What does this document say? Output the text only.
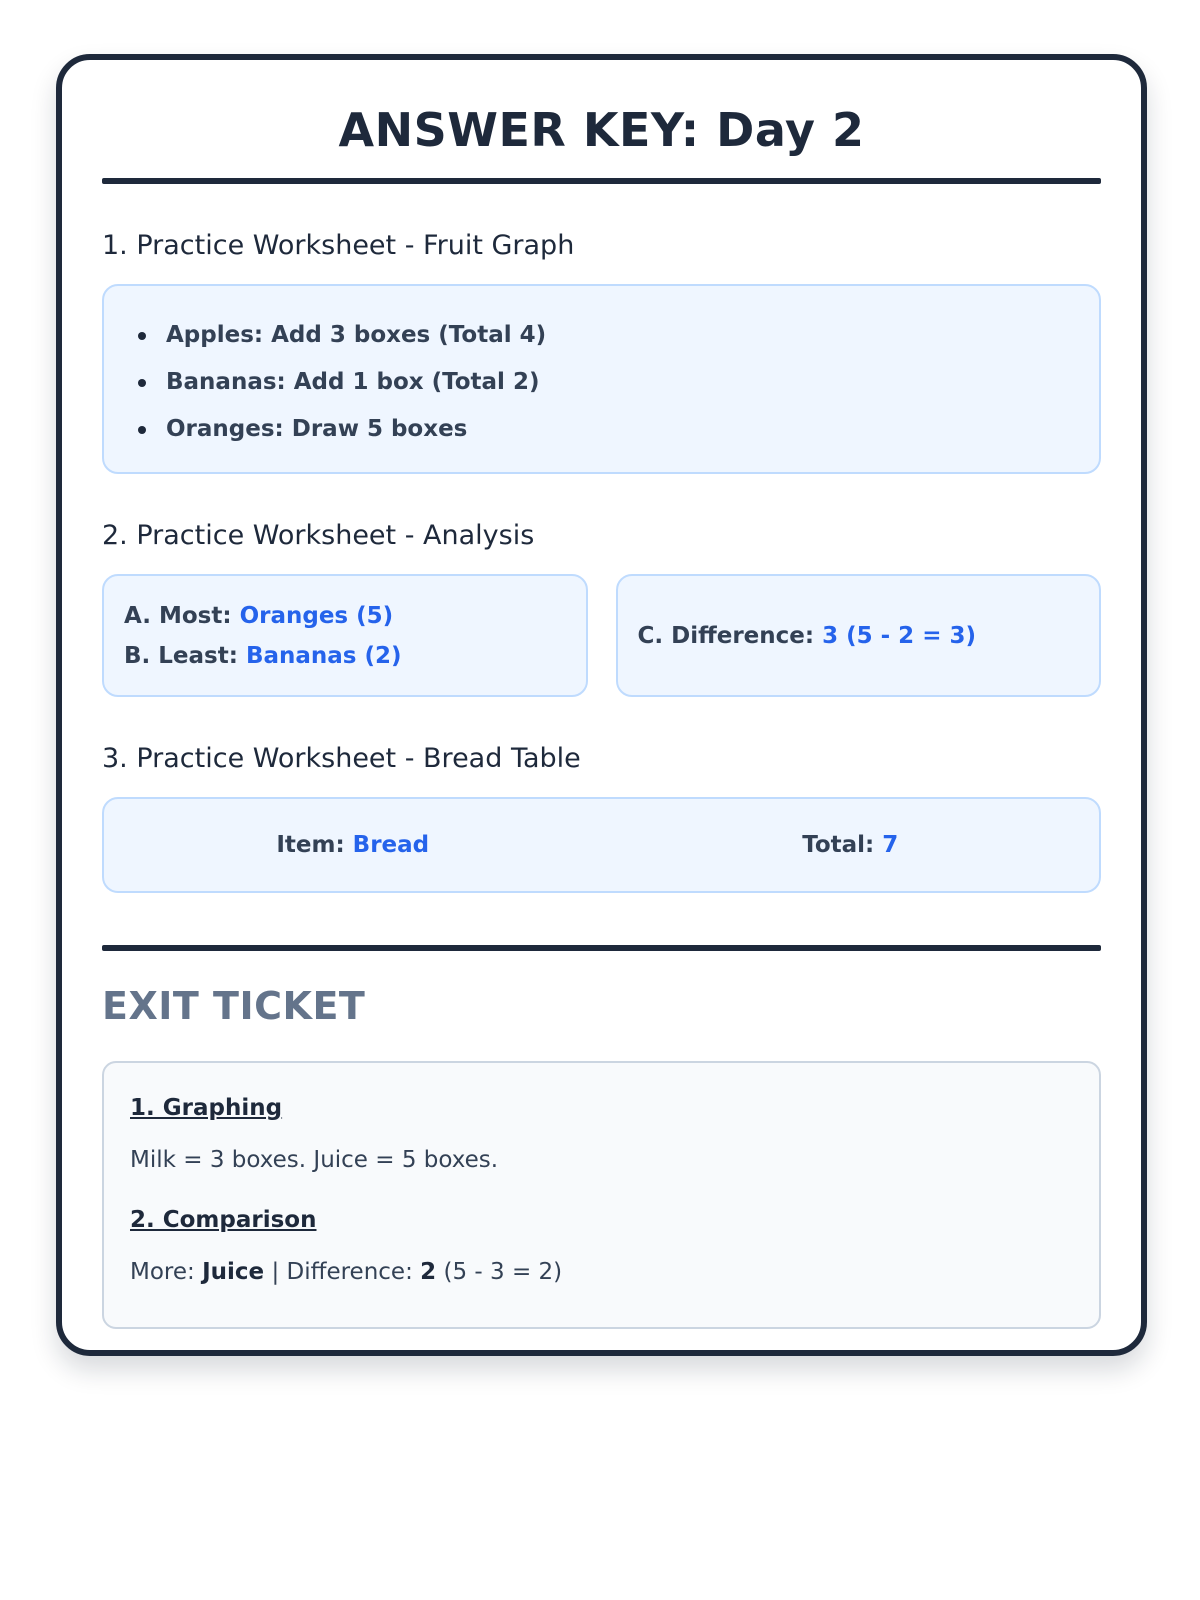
ANSWER KEY: Day 2
1. Practice Worksheet - Fruit Graph
Apples: Add 3 boxes (Total 4)
Bananas: Add 1 box (Total 2)
Oranges: Draw 5 boxes
2. Practice Worksheet - Analysis
A. Most: Oranges (5)
B. Least: Bananas (2)
C. Difference: 3 (5 - 2 = 3)
3. Practice Worksheet - Bread Table
Item: Bread	Total: 7
EXIT TICKET
1. Graphing
Milk = 3 boxes. Juice = 5 boxes.
2. Comparison
More: Juice | Difference: 2 (5 - 3 = 2)
